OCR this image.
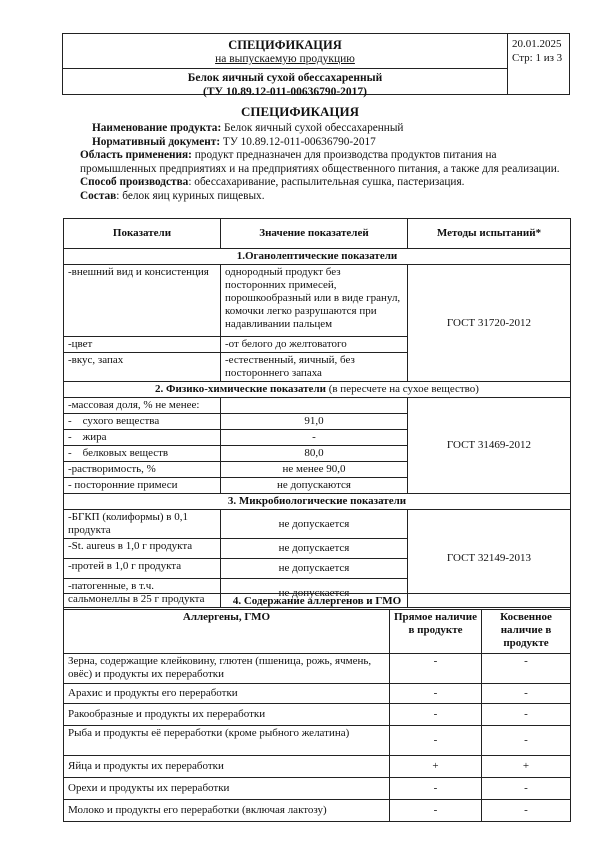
СПЕЦИФИКАЦИЯ
на выпускаемую продукцию
Белок яичный сухой обессахаренный
(ТУ 10.89.12-011-00636790-2017)
20.01.2025
Стр: 1 из 3
СПЕЦИФИКАЦИЯ

Наименование продукта: Белок яичный сухой обессахаренный

Нормативный документ: ТУ 10.89.12-011-00636790-2017

Область применения: продукт предназначен для производства продуктов питания на промышленных предприятиях и на предприятиях общественного питания, а также для реализации.

Способ производства: обессахаривание, распылительная сушка, пастеризация.

Состав: белок яиц куриных пищевых.

Показатели	Значение показателей	Методы испытаний*
1.Оганолептические показатели		
-внешний вид и консистенция	однородный продукт без посторонних примесей, порошкообразный или в виде гранул, комочки легко разрушаются при надавливании пальцем	ГОСТ 31720-2012
-цвет	-от белого до желтоватого	
-вкус, запах	-естественный, яичный, без постороннего запаха	
2. Физико-химические показатели (в пересчете на сухое вещество)		
-массовая доля, % не менее:		ГОСТ 31469-2012
-    сухого вещества	91,0	
-    жира	-	
-    белковых веществ	80,0	
-растворимость, %	не менее 90,0	
- посторонние примеси	не допускаются	
3. Микробиологические показатели		
-БГКП (колиформы) в 0,1 продукта	не допускается	ГОСТ 32149-2013
-St. aureus в 1,0 г продукта	не допускается	
-протей в 1,0 г продукта	не допускается	
-патогенные, в т.ч. сальмонеллы в 25 г продукта	не допускается	
4. Содержание аллергенов и ГМО		
Аллергены, ГМО	Прямое наличие в продукте	Косвенное наличие в продукте
Зерна, содержащие клейковину, глютен (пшеница, рожь, ячмень, овёс) и продукты их переработки	-	-
Арахис и продукты его переработки	-	-
Ракообразные и продукты их переработки	-	-
Рыба и продукты её переработки (кроме рыбного желатина)	-	-
Яйца и продукты их переработки	+	+
Орехи и продукты их переработки	-	-
Молоко и продукты его переработки (включая лактозу)	-	-
